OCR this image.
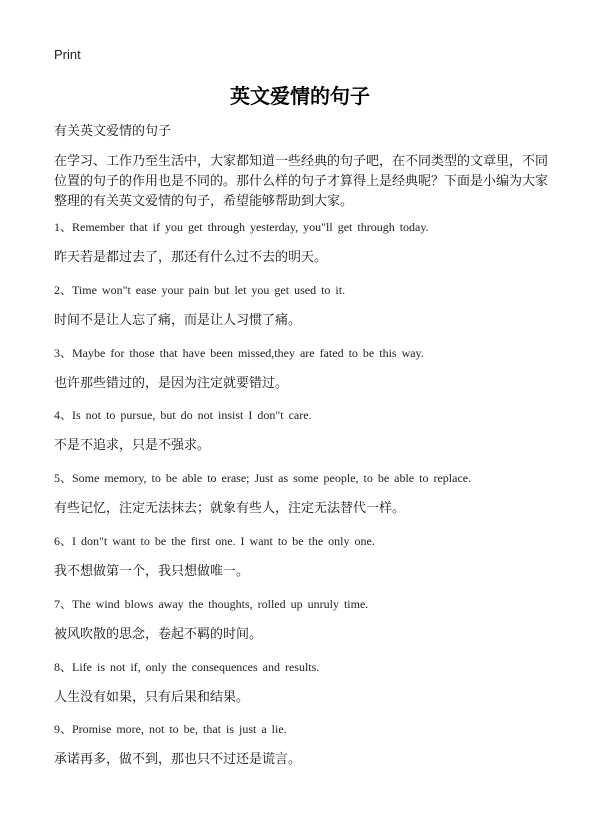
Print
英文爱情的句子
有关英文爱情的句子
在学习、工作乃至生活中，大家都知道一些经典的句子吧，在不同类型的文章里，不同位置的句子的作用也是不同的。那什么样的句子才算得上是经典呢？下面是小编为大家整理的有关英文爱情的句子，希望能够帮助到大家。
1、Remember that if you get through yesterday, you"ll get through today.
昨天若是都过去了，那还有什么过不去的明天。
2、Time won"t ease your pain but let you get used to it.
时间不是让人忘了痛，而是让人习惯了痛。
3、Maybe for those that have been missed,they are fated to be this way.
也许那些错过的，是因为注定就要错过。
4、Is not to pursue, but do not insist I don"t care.
不是不追求，只是不强求。
5、Some memory, to be able to erase; Just as some people, to be able to replace.
有些记忆，注定无法抹去；就象有些人，注定无法替代一样。
6、I don"t want to be the first one. I want to be the only one.
我不想做第一个，我只想做唯一。
7、The wind blows away the thoughts, rolled up unruly time.
被风吹散的思念，卷起不羁的时间。
8、Life is not if, only the consequences and results.
人生没有如果，只有后果和结果。
9、Promise more, not to be, that is just a lie.
承诺再多，做不到，那也只不过还是谎言。
